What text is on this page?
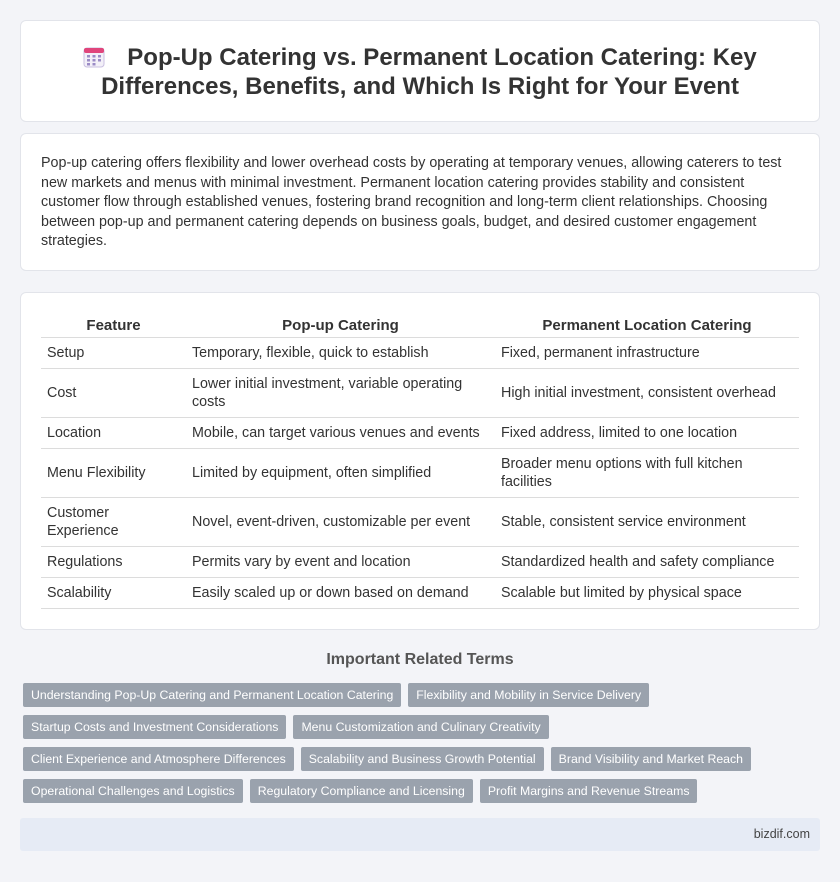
Pop-Up Catering vs. Permanent Location Catering: Key Differences, Benefits, and Which Is Right for Your Event

Pop-up catering offers flexibility and lower overhead costs by operating at temporary venues, allowing caterers to test new markets and menus with minimal investment. Permanent location catering provides stability and consistent customer flow through established venues, fostering brand recognition and long-term client relationships. Choosing between pop-up and permanent catering depends on business goals, budget, and desired customer engagement strategies.

Feature	Pop-up Catering	Permanent Location Catering
Setup	Temporary, flexible, quick to establish	Fixed, permanent infrastructure
Cost	Lower initial investment, variable operating costs	High initial investment, consistent overhead
Location	Mobile, can target various venues and events	Fixed address, limited to one location
Menu Flexibility	Limited by equipment, often simplified	Broader menu options with full kitchen facilities
Customer Experience	Novel, event-driven, customizable per event	Stable, consistent service environment
Regulations	Permits vary by event and location	Standardized health and safety compliance
Scalability	Easily scaled up or down based on demand	Scalable but limited by physical space
Important Related Terms
Understanding Pop-Up Catering and Permanent Location Catering	Flexibility and Mobility in Service Delivery
Startup Costs and Investment Considerations	Menu Customization and Culinary Creativity
Client Experience and Atmosphere Differences	Scalability and Business Growth Potential	Brand Visibility and Market Reach
Operational Challenges and Logistics	Regulatory Compliance and Licensing	Profit Margins and Revenue Streams
bizdif.com
